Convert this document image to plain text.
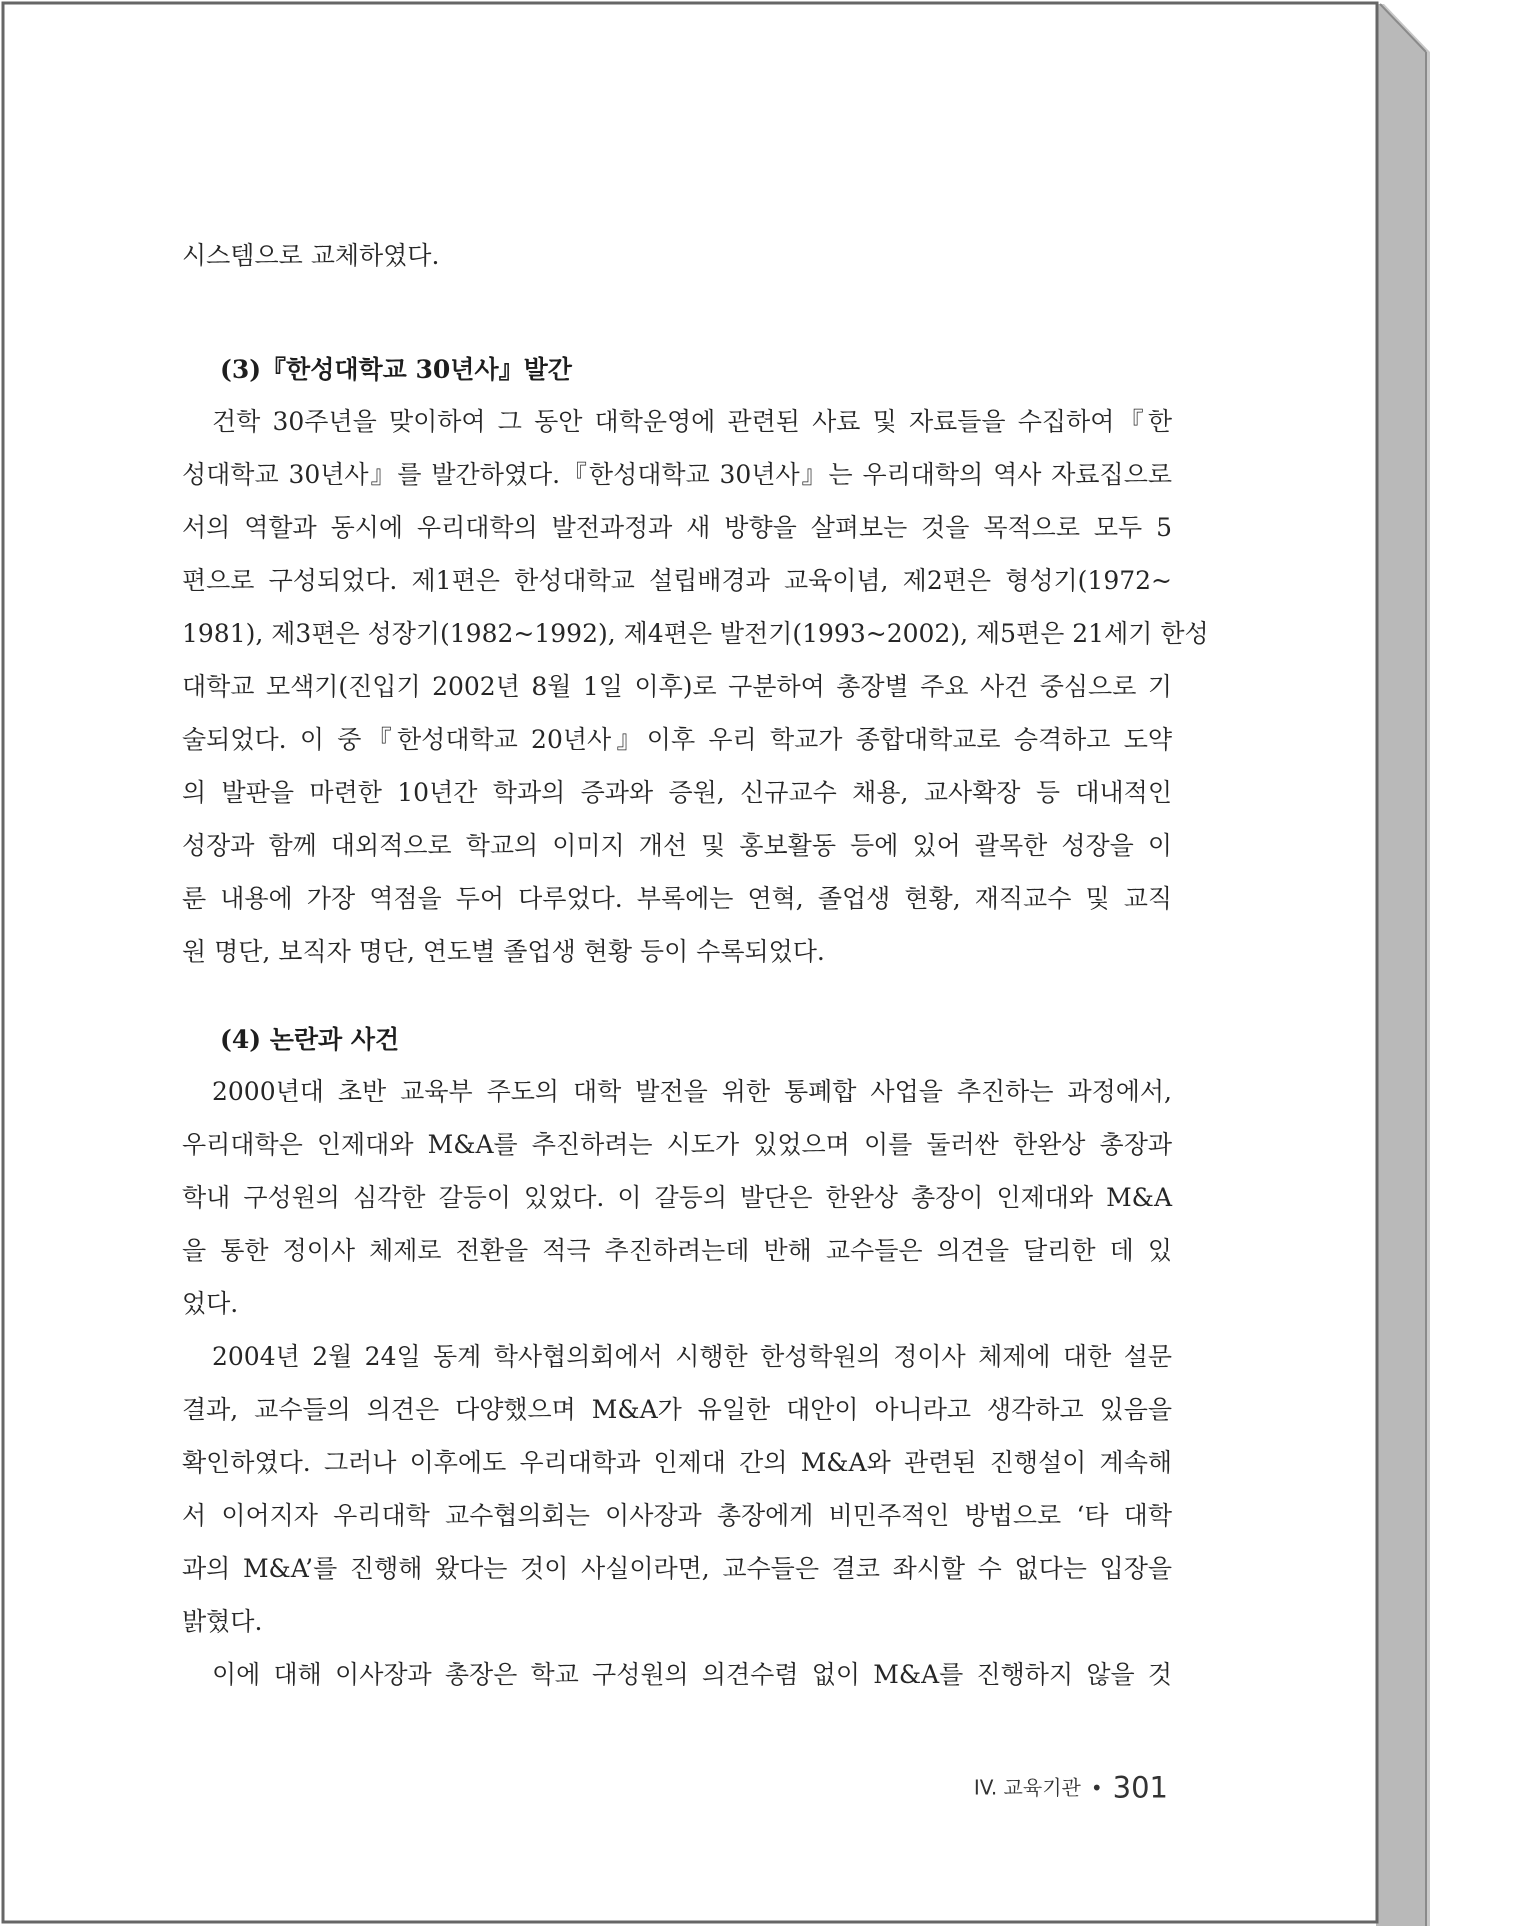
시스템으로 교체하였다.
(3)『한성대학교 30년사』발간
건학 30주년을 맞이하여 그 동안 대학운영에 관련된 사료 및 자료들을 수집하여『한
성대학교 30년사』를 발간하였다.『한성대학교 30년사』는 우리대학의 역사 자료집으로
서의 역할과 동시에 우리대학의 발전과정과 새 방향을 살펴보는 것을 목적으로 모두 5
편으로 구성되었다. 제1편은 한성대학교 설립배경과 교육이념, 제2편은 형성기(1972~
1981), 제3편은 성장기(1982~1992), 제4편은 발전기(1993~2002), 제5편은 21세기 한성
대학교 모색기(진입기 2002년 8월 1일 이후)로 구분하여 총장별 주요 사건 중심으로 기
술되었다. 이 중『한성대학교 20년사』이후 우리 학교가 종합대학교로 승격하고 도약
의 발판을 마련한 10년간 학과의 증과와 증원, 신규교수 채용, 교사확장 등 대내적인
성장과 함께 대외적으로 학교의 이미지 개선 및 홍보활동 등에 있어 괄목한 성장을 이
룬 내용에 가장 역점을 두어 다루었다. 부록에는 연혁, 졸업생 현황, 재직교수 및 교직
원 명단, 보직자 명단, 연도별 졸업생 현황 등이 수록되었다.
(4) 논란과 사건
2000년대 초반 교육부 주도의 대학 발전을 위한 통폐합 사업을 추진하는 과정에서,
우리대학은 인제대와 M&A를 추진하려는 시도가 있었으며 이를 둘러싼 한완상 총장과
학내 구성원의 심각한 갈등이 있었다. 이 갈등의 발단은 한완상 총장이 인제대와 M&A
을 통한 정이사 체제로 전환을 적극 추진하려는데 반해 교수들은 의견을 달리한 데 있
었다.
2004년 2월 24일 동계 학사협의회에서 시행한 한성학원의 정이사 체제에 대한 설문
결과, 교수들의 의견은 다양했으며 M&A가 유일한 대안이 아니라고 생각하고 있음을
확인하였다. 그러나 이후에도 우리대학과 인제대 간의 M&A와 관련된 진행설이 계속해
서 이어지자 우리대학 교수협의회는 이사장과 총장에게 비민주적인 방법으로 ‘타 대학
과의 M&A’를 진행해 왔다는 것이 사실이라면, 교수들은 결코 좌시할 수 없다는 입장을
밝혔다.
이에 대해 이사장과 총장은 학교 구성원의 의견수렴 없이 M&A를 진행하지 않을 것
IV. 교육기관 • 301
